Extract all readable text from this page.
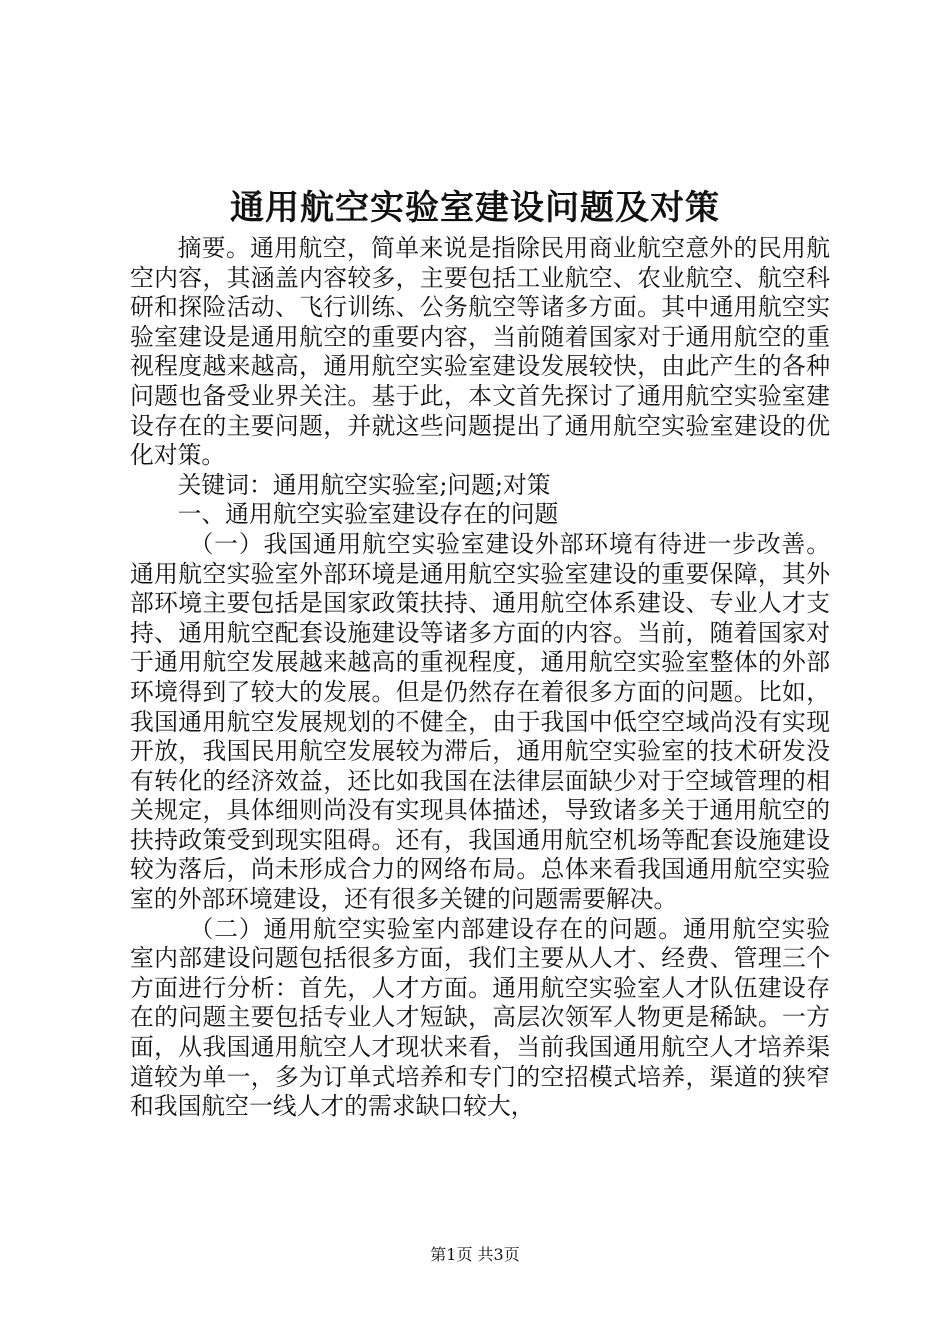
通用航空实验室建设问题及对策

摘要。通用航空，简单来说是指除民用商业航空意外的民用航空内容，其涵盖内容较多，主要包括工业航空、农业航空、航空科研和探险活动、飞行训练、公务航空等诸多方面。其中通用航空实验室建设是通用航空的重要内容，当前随着国家对于通用航空的重视程度越来越高，通用航空实验室建设发展较快，由此产生的各种问题也备受业界关注。基于此，本文首先探讨了通用航空实验室建设存在的主要问题，并就这些问题提出了通用航空实验室建设的优化对策。

关键词：通用航空实验室;问题;对策

一、通用航空实验室建设存在的问题

（一）我国通用航空实验室建设外部环境有待进一步改善。通用航空实验室外部环境是通用航空实验室建设的重要保障，其外部环境主要包括是国家政策扶持、通用航空体系建设、专业人才支持、通用航空配套设施建设等诸多方面的内容。当前，随着国家对于通用航空发展越来越高的重视程度，通用航空实验室整体的外部环境得到了较大的发展。但是仍然存在着很多方面的问题。比如，我国通用航空发展规划的不健全，由于我国中低空空域尚没有实现开放，我国民用航空发展较为滞后，通用航空实验室的技术研发没有转化的经济效益，还比如我国在法律层面缺少对于空域管理的相关规定，具体细则尚没有实现具体描述，导致诸多关于通用航空的扶持政策受到现实阻碍。还有，我国通用航空机场等配套设施建设较为落后，尚未形成合力的网络布局。总体来看我国通用航空实验室的外部环境建设，还有很多关键的问题需要解决。

（二）通用航空实验室内部建设存在的问题。通用航空实验室内部建设问题包括很多方面，我们主要从人才、经费、管理三个方面进行分析：首先，人才方面。通用航空实验室人才队伍建设存在的问题主要包括专业人才短缺，高层次领军人物更是稀缺。一方面，从我国通用航空人才现状来看，当前我国通用航空人才培养渠道较为单一，多为订单式培养和专门的空招模式培养，渠道的狭窄和我国航空一线人才的需求缺口较大，

第1页 共3页
